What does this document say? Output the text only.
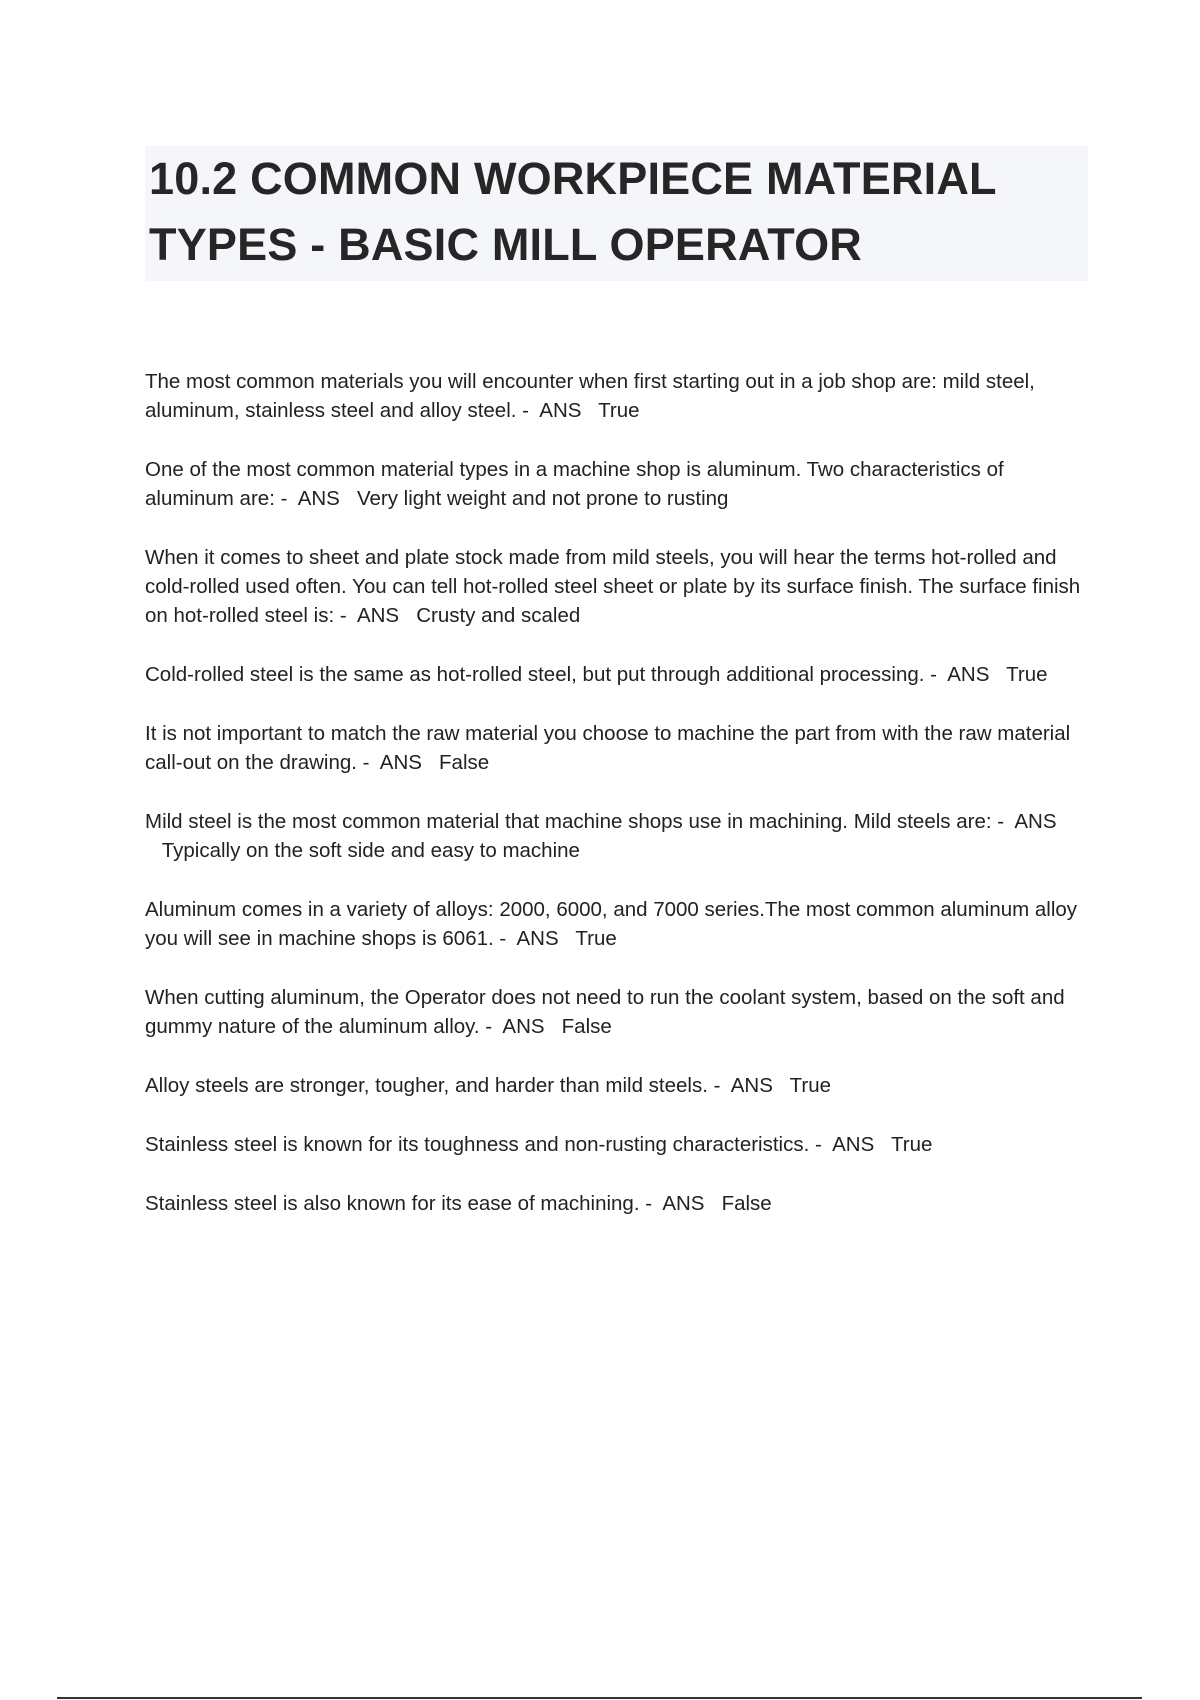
10.2 COMMON WORKPIECE MATERIAL
TYPES - BASIC MILL OPERATOR
The most common materials you will encounter when first starting out in a job shop are: mild steel, aluminum, stainless steel and alloy steel. -  ANS True
One of the most common material types in a machine shop is aluminum. Two characteristics of aluminum are: -  ANS Very light weight and not prone to rusting
When it comes to sheet and plate stock made from mild steels, you will hear the terms hot-rolled and cold-rolled used often. You can tell hot-rolled steel sheet or plate by its surface finish. The surface finish on hot-rolled steel is: -  ANS Crusty and scaled
Cold-rolled steel is the same as hot-rolled steel, but put through additional processing. -  ANS True
It is not important to match the raw material you choose to machine the part from with the raw material call-out on the drawing. -  ANS False
Mild steel is the most common material that machine shops use in machining. Mild steels are: -  ANS   Typically on the soft side and easy to machine
Aluminum comes in a variety of alloys: 2000, 6000, and 7000 series.The most common aluminum alloy you will see in machine shops is 6061. -  ANS True
When cutting aluminum, the Operator does not need to run the coolant system, based on the soft and gummy nature of the aluminum alloy. -  ANS False
Alloy steels are stronger, tougher, and harder than mild steels. -  ANS True
Stainless steel is known for its toughness and non-rusting characteristics. -  ANS True
Stainless steel is also known for its ease of machining. -  ANS False
